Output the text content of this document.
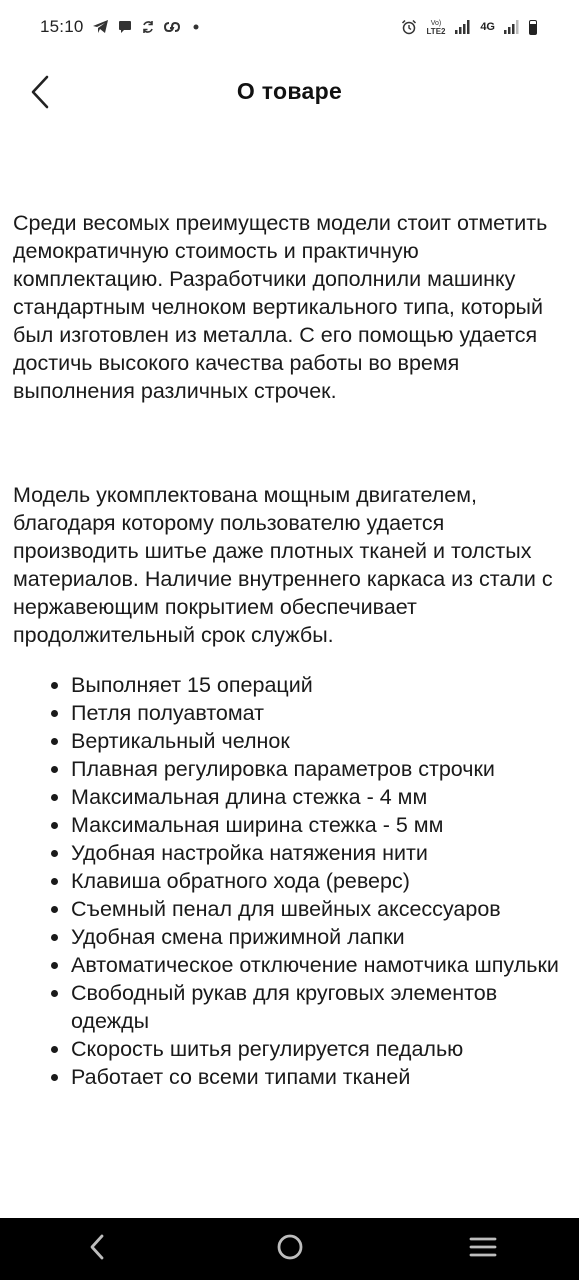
15:10	Vo)
LTE2	4G
О товаре

Среди весомых преимуществ модели стоит отметить демократичную стоимость и практичную комплектацию. Разработчики дополнили машинку стандартным челноком вертикального типа, который был изготовлен из металла. С его помощью удается достичь высокого качества работы во время выполнения различных строчек.

Модель укомплектована мощным двигателем, благодаря которому пользователю удается производить шитье даже плотных тканей и толстых материалов. Наличие внутреннего каркаса из стали с нержавеющим покрытием обеспечивает продолжительный срок службы.

Выполняет 15 операций
Петля полуавтомат
Вертикальный челнок
Плавная регулировка параметров строчки
Максимальная длина стежка - 4 мм
Максимальная ширина стежка - 5 мм
Удобная настройка натяжения нити
Клавиша обратного хода (реверс)
Съемный пенал для швейных аксессуаров
Удобная смена прижимной лапки
Автоматическое отключение намотчика шпульки
Свободный рукав для круговых элементов одежды
Скорость шитья регулируется педалью
Работает со всеми типами тканей
